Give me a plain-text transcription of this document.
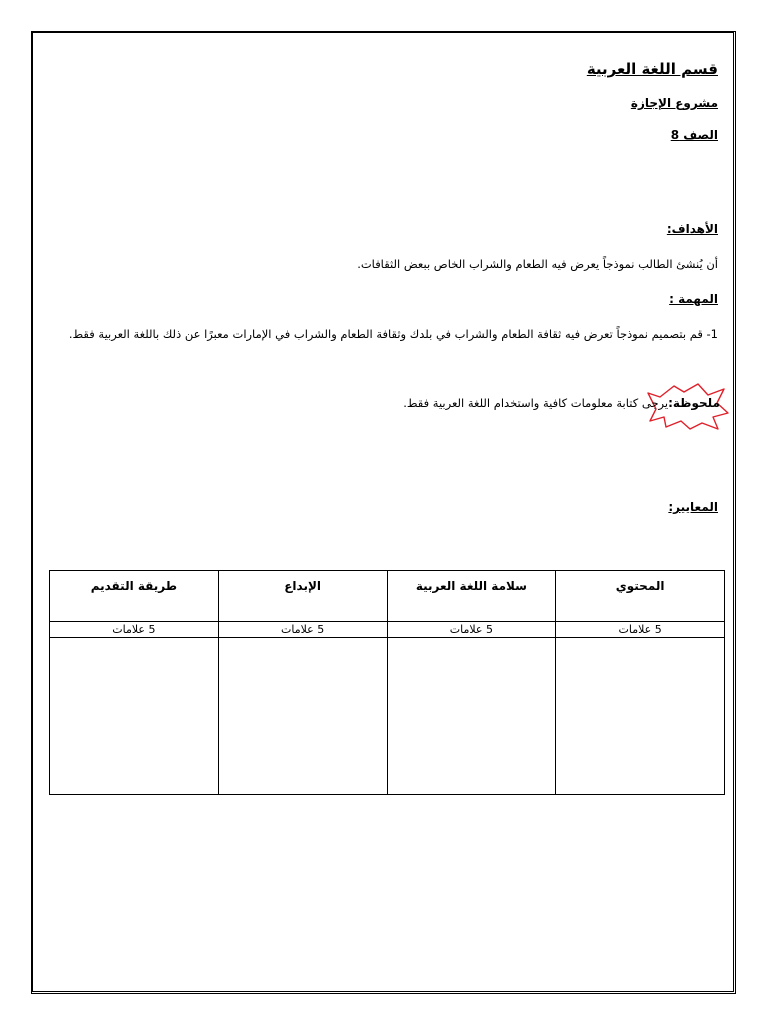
قسم اللغة العربية
مشروع الإجازة
الصف 8
الأهداف:
أن يُنشئ الطالب نموذجاً يعرض فيه الطعام والشراب الخاص ببعض الثقافات.
المهمة :
1- قم بتصميم نموذجاً تعرض فيه ثقافة الطعام والشراب في بلدك وثقافة الطعام والشراب في الإمارات معبرًا عن ذلك باللغة العربية فقط.
ملحوظة:يرجى كتابة معلومات كافية واستخدام اللغة العربية فقط.
المعايير:
المحتوي	سلامة اللغة العربية	الإبداع	طريقة التقديم
5 علامات	5 علامات	5 علامات	5 علامات
